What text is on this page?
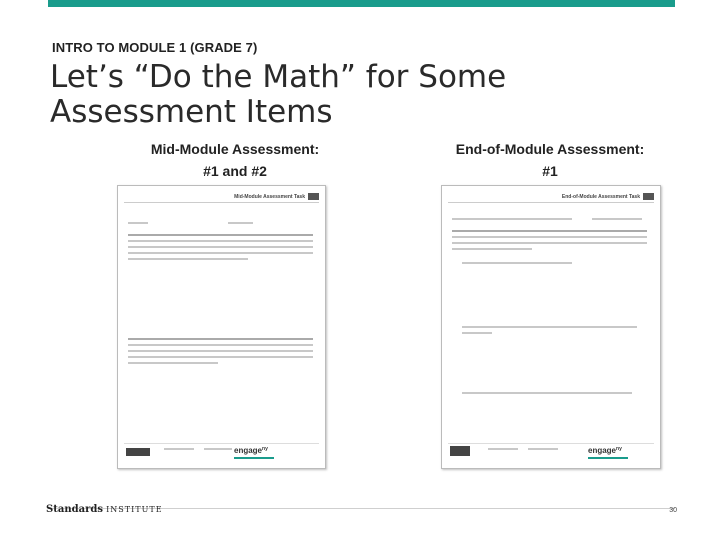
INTRO TO MODULE 1 (GRADE 7)
Let’s “Do the Math” for Some Assessment Items
Mid-Module Assessment:
#1 and #2
End-of-Module Assessment:
#1
Mid-Module Assessment Task
engage$^{ny}$
End-of-Module Assessment Task
engage$^{ny}$
Standards INSTITUTE	30
